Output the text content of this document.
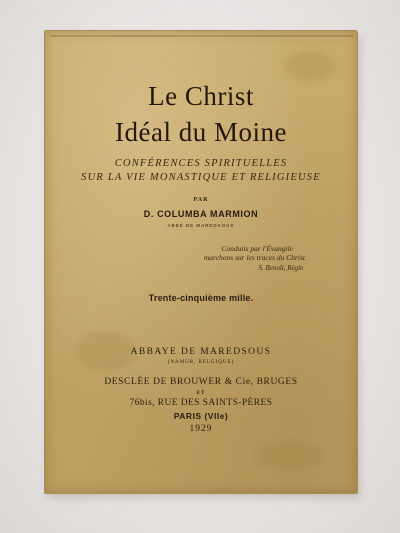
Le Christ
Idéal du Moine
CONFÉRENCES SPIRITUELLES
SUR LA VIE MONASTIQUE ET RELIGIEUSE
PAR
D. COLUMBA MARMION
ABBÉ DE MAREDSOUS
Conduits par l'Évangile
marchons sur les traces du Christ
S. Benoît, Règle.
Trente-cinquième mille.
ABBAYE DE MAREDSOUS
(NAMUR, BELGIQUE)
DESCLÉE DE BROUWER & Cie, BRUGES
ET
76bis, RUE DES SAINTS-PÈRES
PARIS (VIIe)
1929
